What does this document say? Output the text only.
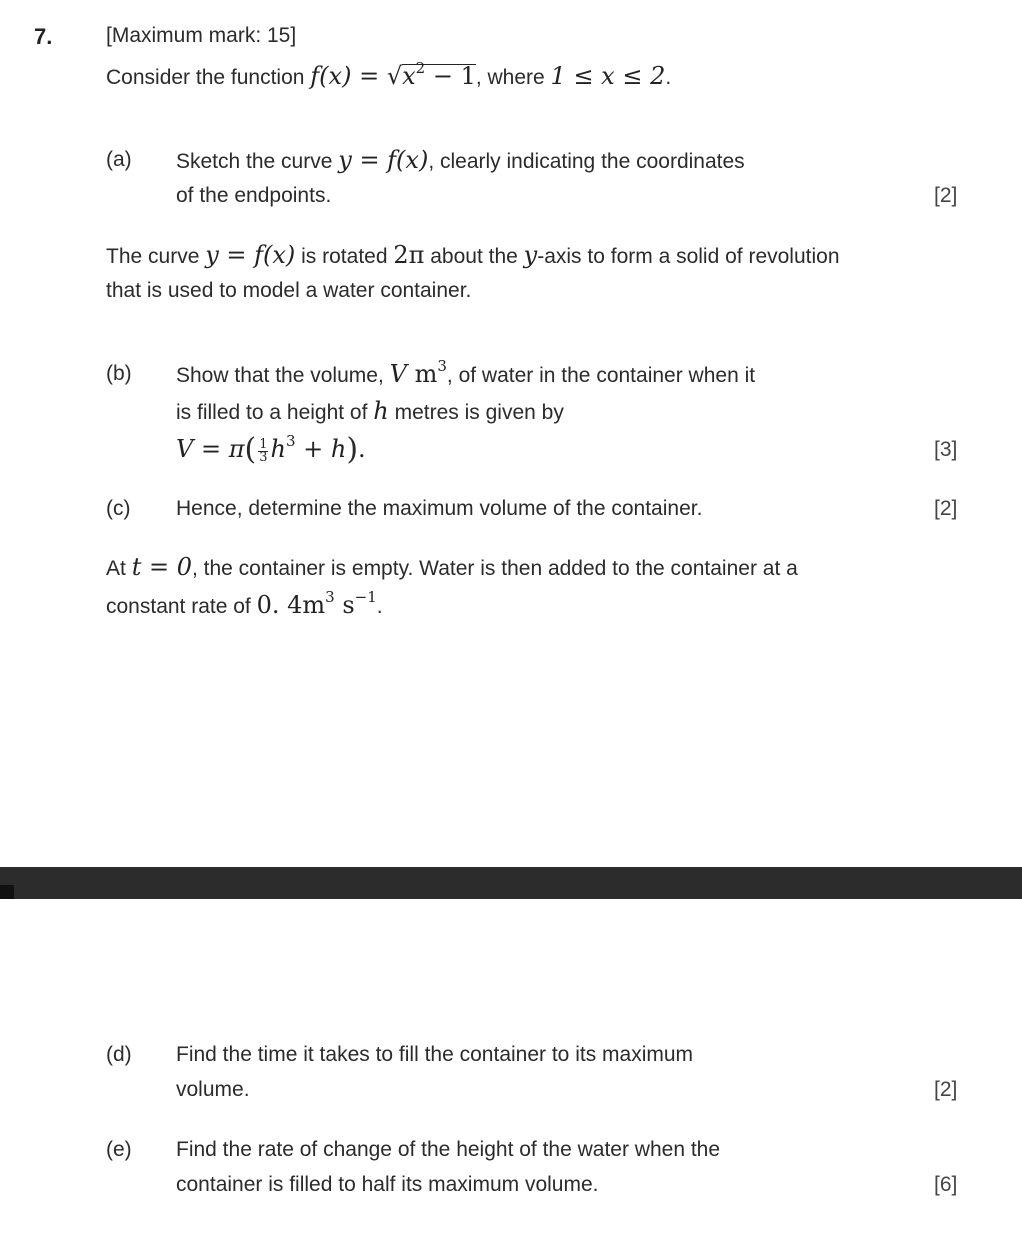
7.	[Maximum mark: 15]
Consider the function $f(x) = √x^2 - 1$, where 1 ≤ x ≤ 2.
(a) Sketch the curve y = f(x), clearly indicating the coordinates
of the endpoints.	[2]
The curve y = f(x) is rotated 2π about the y-axis to form a solid of revolution
that is used to model a water container.
(b) Show that the volume, V $m^3$, of water in the container when it
is filled to a height of h metres is given by
$V = \pi( \frac{1}{3} h^3 + h)$.	[3]
(c) Hence, determine the maximum volume of the container.	[2]
At t = 0, the container is empty. Water is then added to the container at a
constant rate of 0. $4m^3$ $s^{-1}$.
(d) Find the time it takes to fill the container to its maximum
volume.	[2]
(e) Find the rate of change of the height of the water when the
container is filled to half its maximum volume.	[6]
